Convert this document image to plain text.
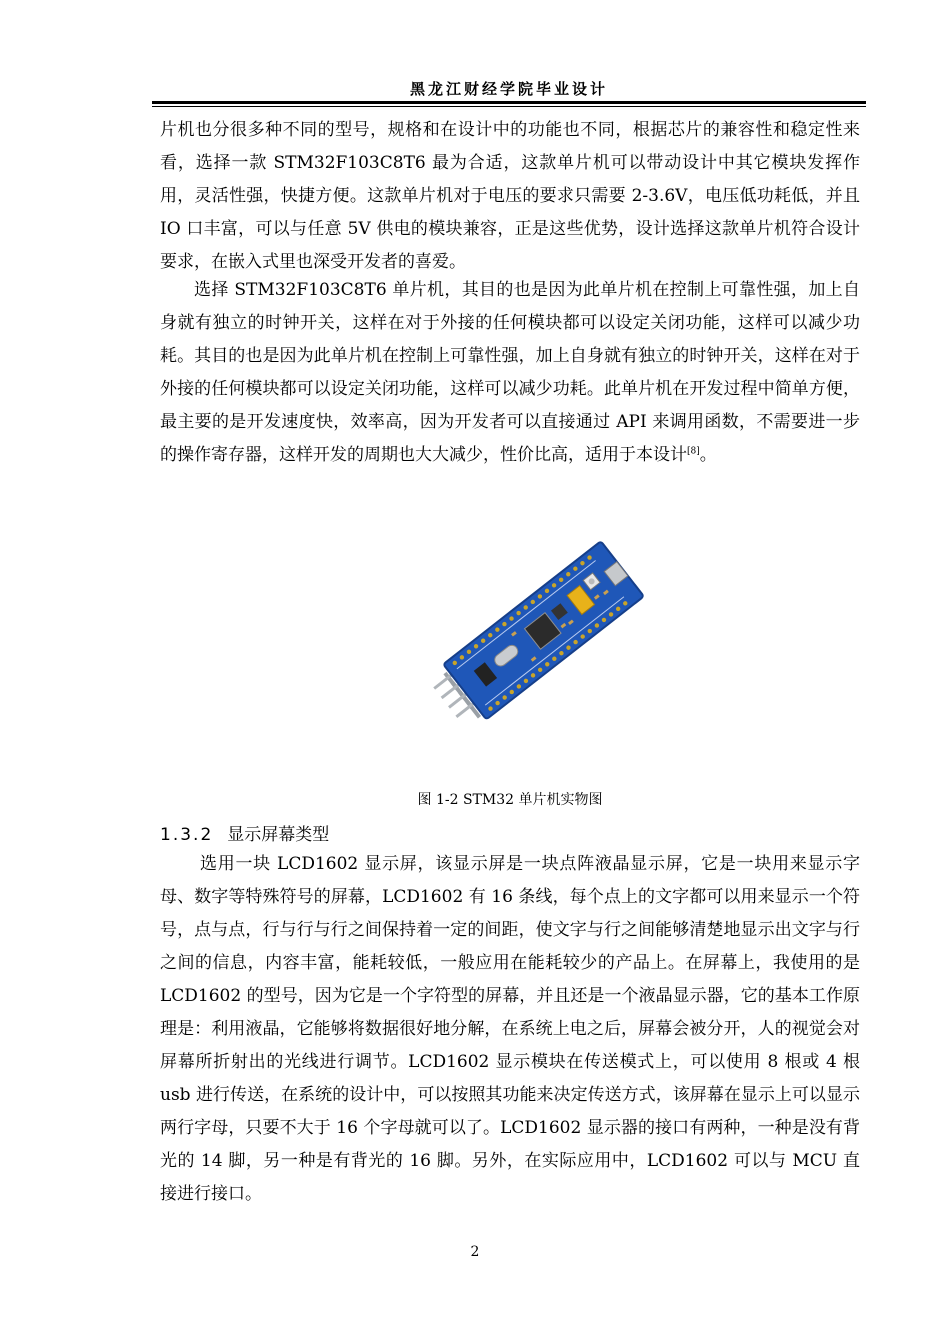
黑龙江财经学院毕业设计

片机也分很多种不同的型号，规格和在设计中的功能也不同，根据芯片的兼容性和稳定性来看，选择一款 STM32F103C8T6 最为合适，这款单片机可以带动设计中其它模块发挥作用，灵活性强，快捷方便。这款单片机对于电压的要求只需要 2-3.6V，电压低功耗低，并且 IO 口丰富，可以与任意 5V 供电的模块兼容，正是这些优势，设计选择这款单片机符合设计要求，在嵌入式里也深受开发者的喜爱。

选择 STM32F103C8T6 单片机，其目的也是因为此单片机在控制上可靠性强，加上自身就有独立的时钟开关，这样在对于外接的任何模块都可以设定关闭功能，这样可以减少功耗。其目的也是因为此单片机在控制上可靠性强，加上自身就有独立的时钟开关，这样在对于外接的任何模块都可以设定关闭功能，这样可以减少功耗。此单片机在开发过程中简单方便，最主要的是开发速度快，效率高，因为开发者可以直接通过 API 来调用函数，不需要进一步的操作寄存器，这样开发的周期也大大减少，性价比高，适用于本设计[8]。

图 1-2 STM32 单片机实物图
1.3.2 显示屏幕类型

选用一块 LCD1602 显示屏，该显示屏是一块点阵液晶显示屏，它是一块用来显示字母、数字等特殊符号的屏幕，LCD1602 有 16 条线，每个点上的文字都可以用来显示一个符号，点与点，行与行与行之间保持着一定的间距，使文字与行之间能够清楚地显示出文字与行之间的信息，内容丰富，能耗较低，一般应用在能耗较少的产品上。在屏幕上，我使用的是 LCD1602 的型号，因为它是一个字符型的屏幕，并且还是一个液晶显示器，它的基本工作原理是：利用液晶，它能够将数据很好地分解，在系统上电之后，屏幕会被分开，人的视觉会对屏幕所折射出的光线进行调节。LCD1602 显示模块在传送模式上，可以使用 8 根或 4 根 usb 进行传送，在系统的设计中，可以按照其功能来决定传送方式，该屏幕在显示上可以显示两行字母，只要不大于 16 个字母就可以了。LCD1602 显示器的接口有两种，一种是没有背光的 14 脚，另一种是有背光的 16 脚。另外，在实际应用中，LCD1602 可以与 MCU 直接进行接口。

2
